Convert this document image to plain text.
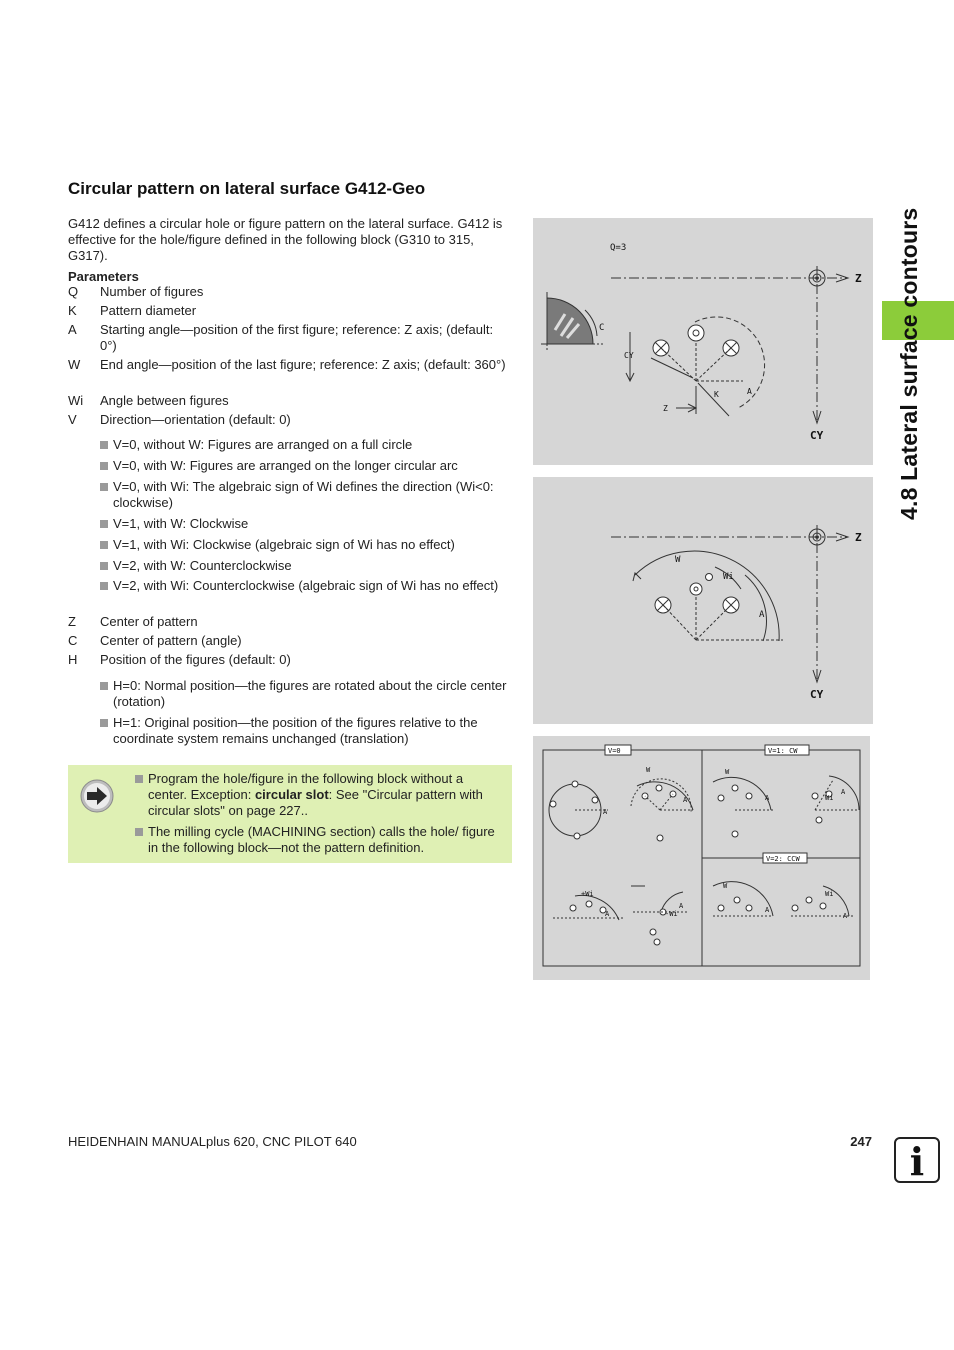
Circular pattern on lateral surface G412-Geo
G412 defines a circular hole or figure pattern on the lateral surface. G412 is effective for the hole/figure defined in the following block (G310 to 315, G317).
Parameters
Q	Number of figures
K	Pattern diameter
A	Starting angle—position of the first figure; reference: Z axis; (default: 0°)
W	End angle—position of the last figure; reference: Z axis; (default: 360°)
Wi	Angle between figures
V	Direction—orientation (default: 0)
V=0, without W: Figures are arranged on a full circle
V=0, with W: Figures are arranged on the longer circular arc
V=0, with Wi: The algebraic sign of Wi defines the direction (Wi<0: clockwise)
V=1, with W: Clockwise
V=1, with Wi: Clockwise (algebraic sign of Wi has no effect)
V=2, with W: Counterclockwise
V=2, with Wi: Counterclockwise (algebraic sign of Wi has no effect)
Z	Center of pattern
C	Center of pattern (angle)
H	Position of the figures (default: 0)
H=0: Normal position—the figures are rotated about the circle center (rotation)
H=1: Original position—the position of the figures relative to the coordinate system remains unchanged (translation)
Program the hole/figure in the following block without a center. Exception: circular slot: See "Circular pattern with circular slots" on page 227..
The milling cycle (MACHINING section) calls the hole/ figure in the following block—not the pattern definition.
Q=3
Z
CY
C
CY
Z
K	A
Z
CY
W
A
Wi
V=0	V=1: CW
V=2: CCW
A
W
A
W
A	Wi
A
+Wi
A	-Wi
A
W
A
Wi
A
4.8 Lateral surface contours
HEIDENHAIN MANUALplus 620, CNC PILOT 640	247 i
